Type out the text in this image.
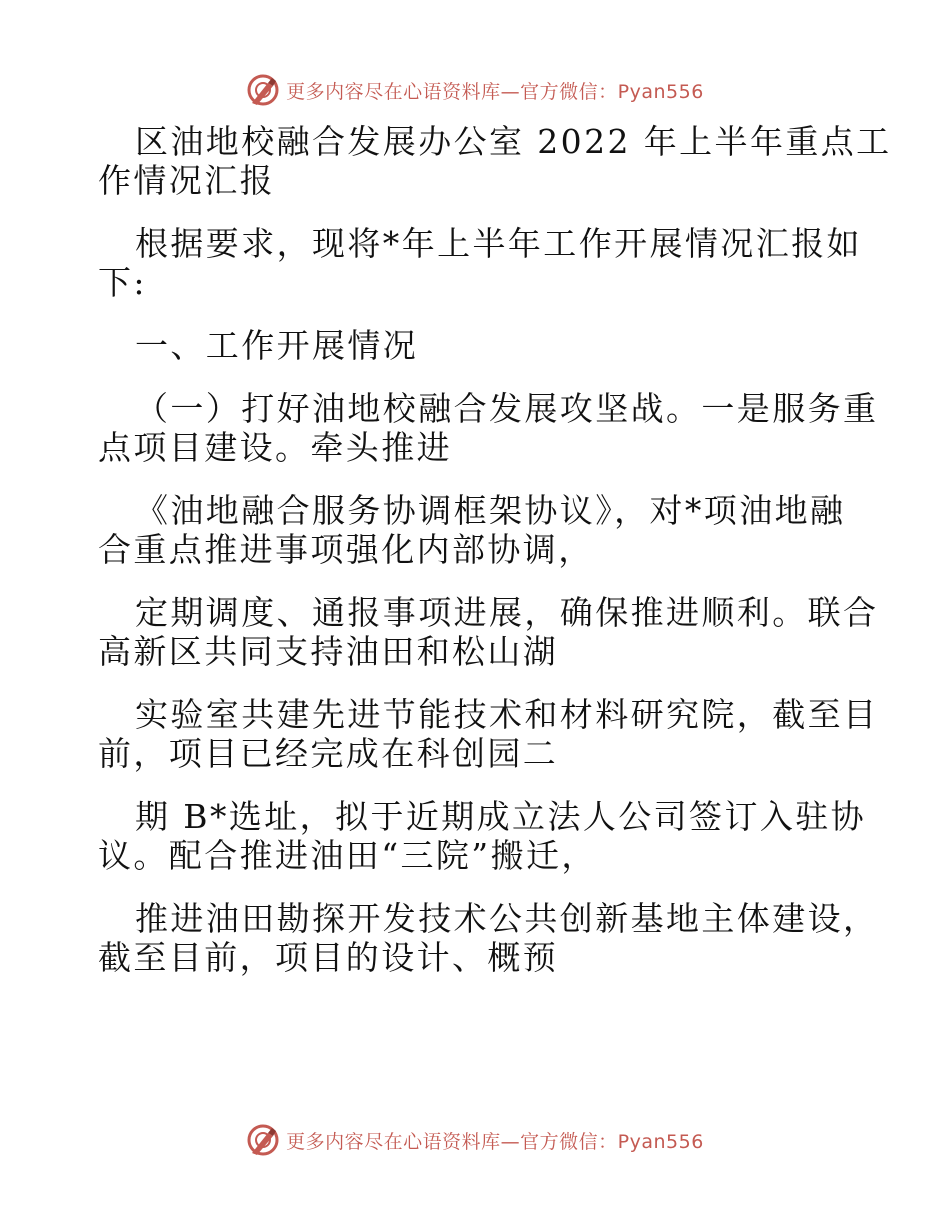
更多内容尽在心语资料库—官方微信：Pyan556
区油地校融合发展办公室 2022 年上半年重点工
作情况汇报
根据要求，现将*年上半年工作开展情况汇报如
下:
一、工作开展情况
（一）打好油地校融合发展攻坚战。一是服务重
点项目建设。牵头推进
《油地融合服务协调框架协议》，对*项油地融
合重点推进事项强化内部协调，
定期调度、通报事项进展，确保推进顺利。联合
高新区共同支持油田和松山湖
实验室共建先进节能技术和材料研究院，截至目
前，项目已经完成在科创园二
期 B*选址，拟于近期成立法人公司签订入驻协
议。配合推进油田“三院”搬迁，
推进油田勘探开发技术公共创新基地主体建设，
截至目前，项目的设计、概预
更多内容尽在心语资料库—官方微信：Pyan556
